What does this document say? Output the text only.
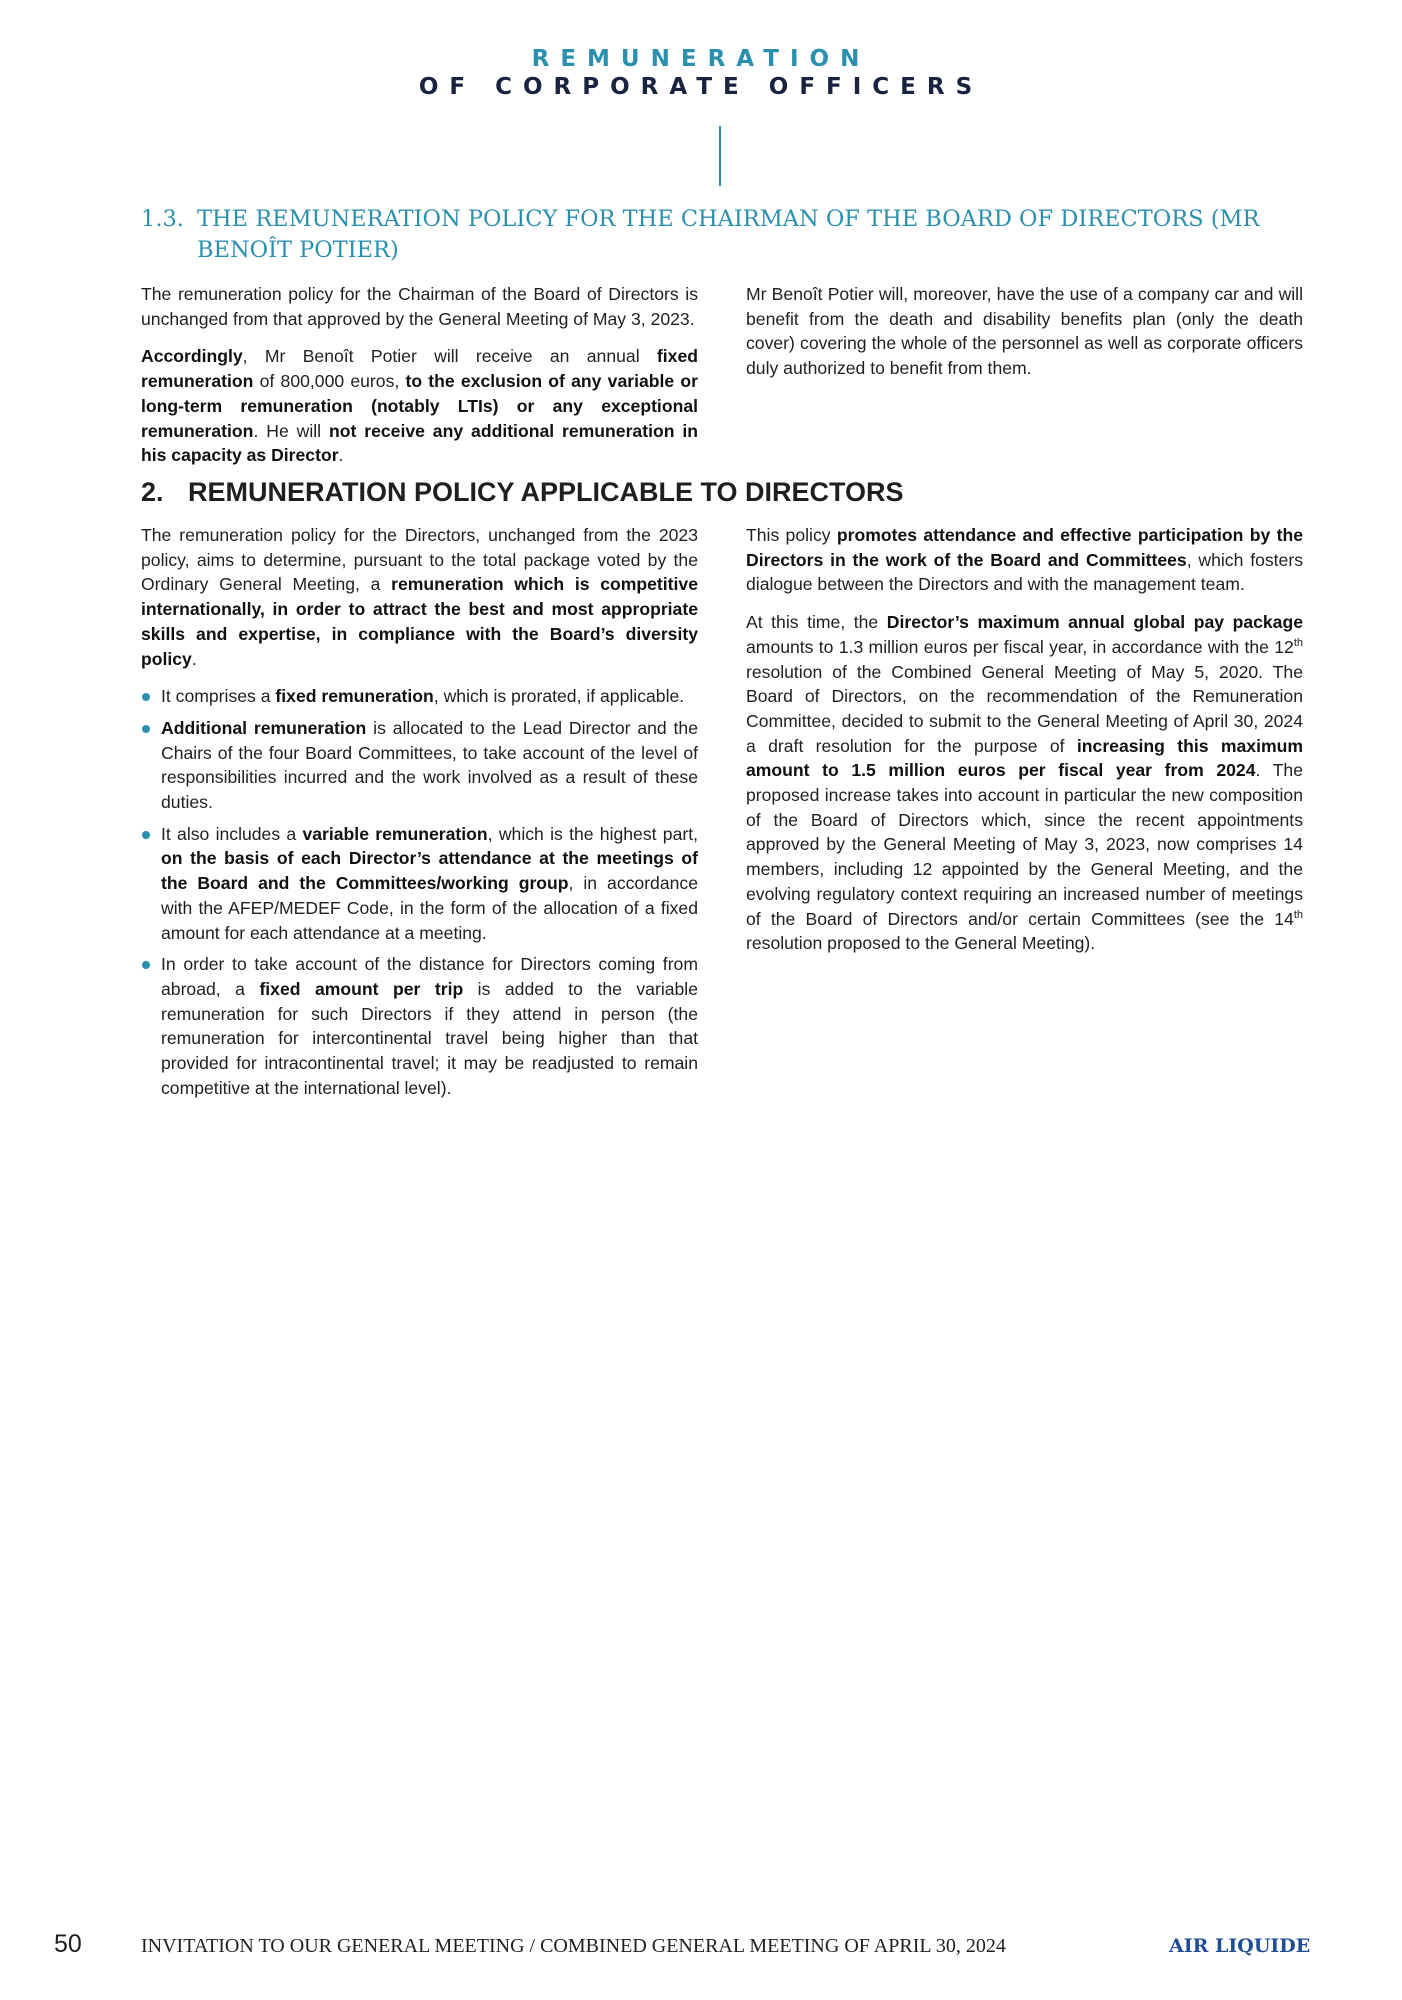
REMUNERATION
OF CORPORATE OFFICERS
1.3. THE REMUNERATION POLICY FOR THE CHAIRMAN OF THE BOARD OF DIRECTORS (MR BENOÎT POTIER)

The remuneration policy for the Chairman of the Board of Directors is unchanged from that approved by the General Meeting of May 3, 2023.

Accordingly, Mr Benoît Potier will receive an annual fixed remuneration of 800,000 euros, to the exclusion of any variable or long-term remuneration (notably LTIs) or any exceptional remuneration. He will not receive any additional remuneration in his capacity as Director.

Mr Benoît Potier will, moreover, have the use of a company car and will benefit from the death and disability benefits plan (only the death cover) covering the whole of the personnel as well as corporate officers duly authorized to benefit from them.

2. REMUNERATION POLICY APPLICABLE TO DIRECTORS

The remuneration policy for the Directors, unchanged from the 2023 policy, aims to determine, pursuant to the total package voted by the Ordinary General Meeting, a remuneration which is competitive internationally, in order to attract the best and most appropriate skills and expertise, in compliance with the Board’s diversity policy.

It comprises a fixed remuneration, which is prorated, if applicable.
Additional remuneration is allocated to the Lead Director and the Chairs of the four Board Committees, to take account of the level of responsibilities incurred and the work involved as a result of these duties.
It also includes a variable remuneration, which is the highest part, on the basis of each Director’s attendance at the meetings of the Board and the Committees/working group, in accordance with the AFEP/MEDEF Code, in the form of the allocation of a fixed amount for each attendance at a meeting.
In order to take account of the distance for Directors coming from abroad, a fixed amount per trip is added to the variable remuneration for such Directors if they attend in person (the remuneration for intercontinental travel being higher than that provided for intracontinental travel; it may be readjusted to remain competitive at the international level).

This policy promotes attendance and effective participation by the Directors in the work of the Board and Committees, which fosters dialogue between the Directors and with the management team.

At this time, the Director’s maximum annual global pay package amounts to 1.3 million euros per fiscal year, in accordance with the 12th resolution of the Combined General Meeting of May 5, 2020. The Board of Directors, on the recommendation of the Remuneration Committee, decided to submit to the General Meeting of April 30, 2024 a draft resolution for the purpose of increasing this maximum amount to 1.5 million euros per fiscal year from 2024. The proposed increase takes into account in particular the new composition of the Board of Directors which, since the recent appointments approved by the General Meeting of May 3, 2023, now comprises 14 members, including 12 appointed by the General Meeting, and the evolving regulatory context requiring an increased number of meetings of the Board of Directors and/or certain Committees (see the 14th resolution proposed to the General Meeting).

50	INVITATION TO OUR GENERAL MEETING / COMBINED GENERAL MEETING OF APRIL 30, 2024	AIR LIQUIDE
